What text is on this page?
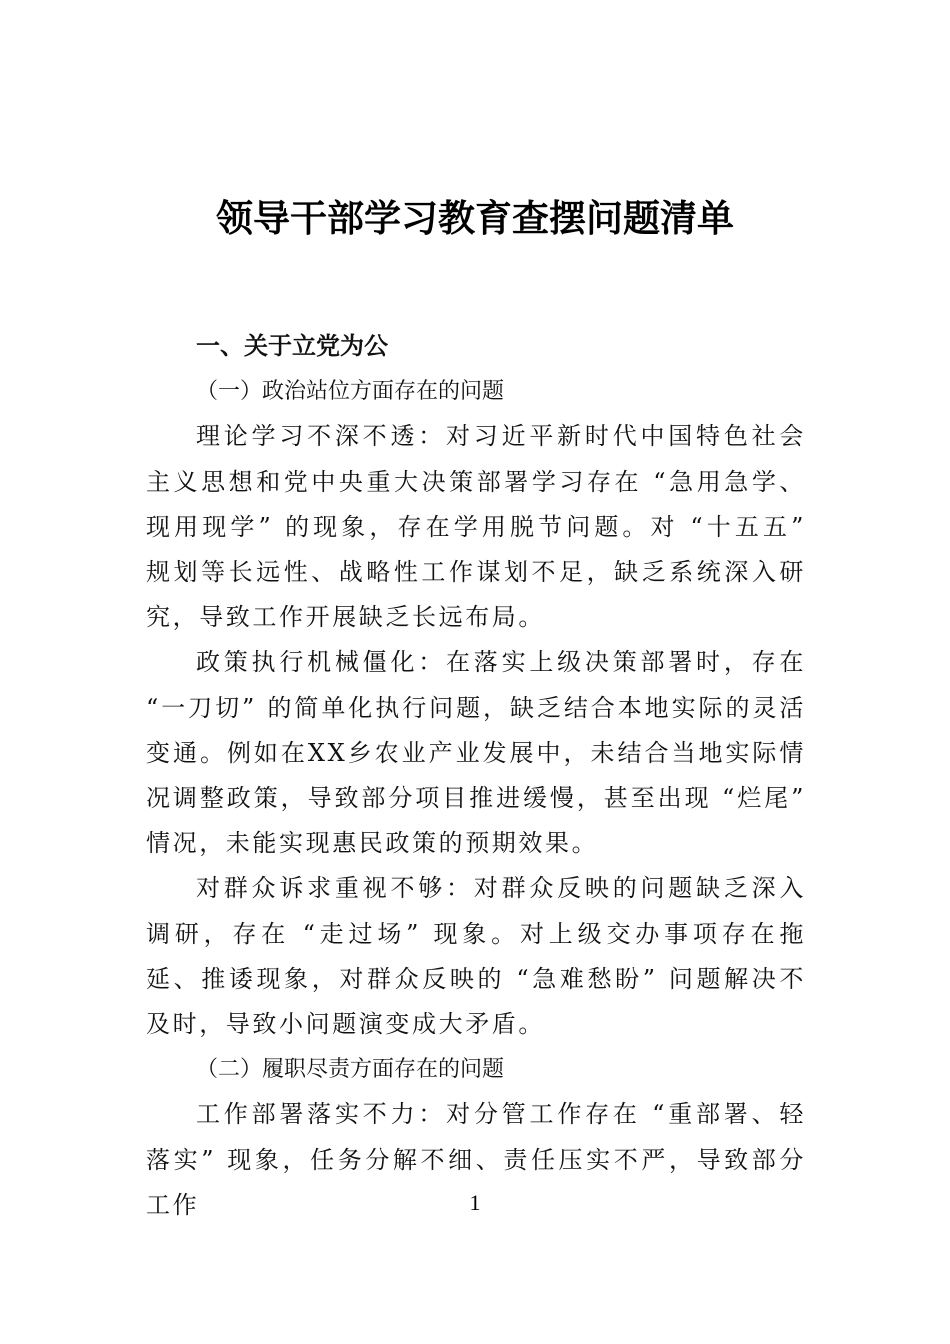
领导干部学习教育查摆问题清单

一、关于立党为公

（一）政治站位方面存在的问题

理论学习不深不透：对习近平新时代中国特色社会主义思想和党中央重大决策部署学习存在 “急用急学、现用现学” 的现象，存在学用脱节问题。对 “十五五” 规划等长远性、战略性工作谋划不足，缺乏系统深入研究，导致工作开展缺乏长远布局。

政策执行机械僵化：在落实上级决策部署时，存在 “一刀切” 的简单化执行问题，缺乏结合本地实际的灵活变通。例如在XX乡农业产业发展中，未结合当地实际情况调整政策，导致部分项目推进缓慢，甚至出现 “烂尾” 情况，未能实现惠民政策的预期效果。

对群众诉求重视不够：对群众反映的问题缺乏深入调研，存在 “走过场” 现象。对上级交办事项存在拖延、推诿现象，对群众反映的 “急难愁盼” 问题解决不及时，导致小问题演变成大矛盾。

（二）履职尽责方面存在的问题

工作部署落实不力：对分管工作存在 “重部署、轻落实” 现象，任务分解不细、责任压实不严，导致部分工作	1
